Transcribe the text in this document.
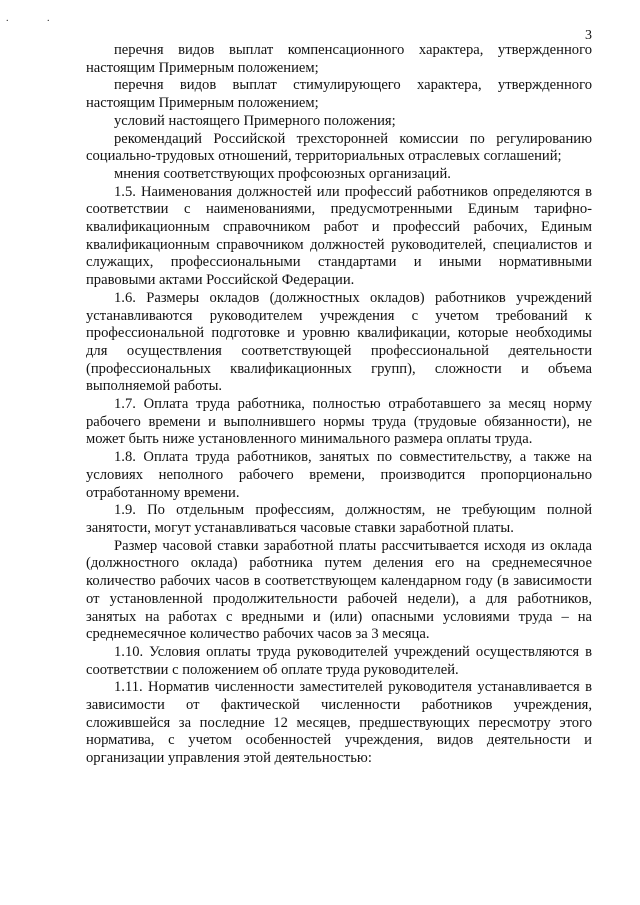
. .
3

перечня видов выплат компенсационного характера, утвержденного настоящим Примерным положением;

перечня видов выплат стимулирующего характера, утвержденного настоящим Примерным положением;

условий настоящего Примерного положения;

рекомендаций Российской трехсторонней комиссии по регулированию социально-трудовых отношений, территориальных отраслевых соглашений;

мнения соответствующих профсоюзных организаций.

1.5. Наименования должностей или профессий работников определяются в соответствии с наименованиями, предусмотренными Единым тарифно-квалификационным справочником работ и профессий рабочих, Единым квалификационным справочником должностей руководителей, специалистов и служащих, профессиональными стандартами и иными нормативными правовыми актами Российской Федерации.

1.6. Размеры окладов (должностных окладов) работников учреждений устанавливаются руководителем учреждения с учетом требований к профессиональной подготовке и уровню квалификации, которые необходимы для осуществления соответствующей профессиональной деятельности (профессиональных квалификационных групп), сложности и объема выполняемой работы.

1.7. Оплата труда работника, полностью отработавшего за месяц норму рабочего времени и выполнившего нормы труда (трудовые обязанности), не может быть ниже установленного минимального размера оплаты труда.

1.8. Оплата труда работников, занятых по совместительству, а также на условиях неполного рабочего времени, производится пропорционально отработанному времени.

1.9. По отдельным профессиям, должностям, не требующим полной занятости, могут устанавливаться часовые ставки заработной платы.

Размер часовой ставки заработной платы рассчитывается исходя из оклада (должностного оклада) работника путем деления его на среднемесячное количество рабочих часов в соответствующем календарном году (в зависимости от установленной продолжительности рабочей недели), а для работников, занятых на работах с вредными и (или) опасными условиями труда – на среднемесячное количество рабочих часов за 3 месяца.

1.10. Условия оплаты труда руководителей учреждений осуществляются в соответствии с положением об оплате труда руководителей.

1.11. Норматив численности заместителей руководителя устанавливается в зависимости от фактической численности работников учреждения, сложившейся за последние 12 месяцев, предшествующих пересмотру этого норматива, с учетом особенностей учреждения, видов деятельности и организации управления этой деятельностью:
